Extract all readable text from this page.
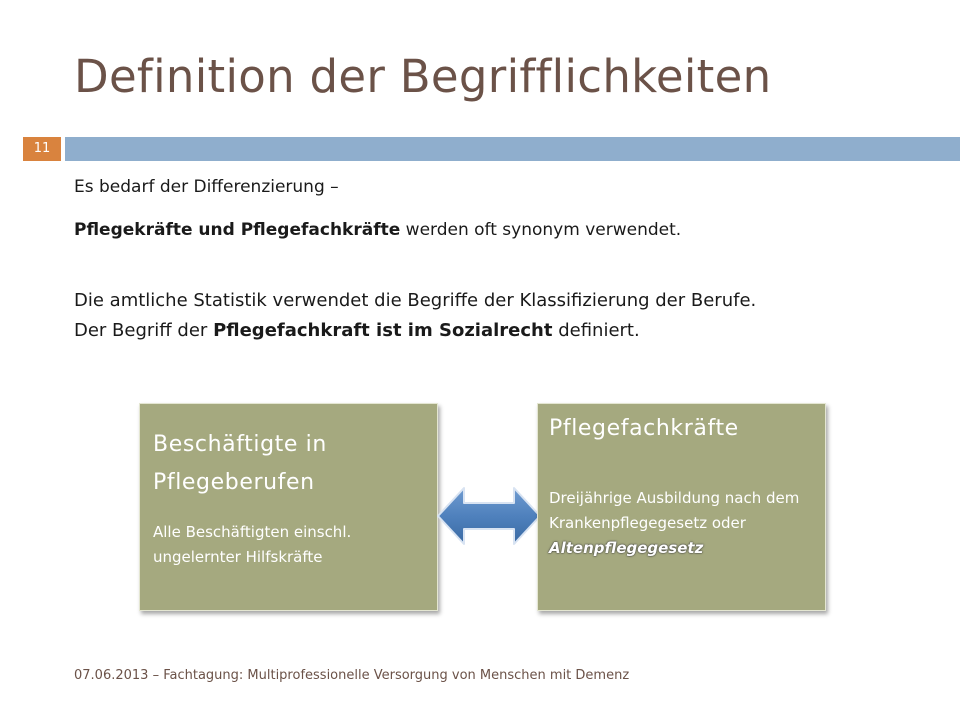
Definition der Begrifflichkeiten
11

Es bedarf der Differenzierung –

Pflegekräfte und Pflegefachkräfte werden oft synonym verwendet.

Die amtliche Statistik verwendet die Begriffe der Klassifizierung der Berufe.
Der Begriff der Pflegefachkraft ist im Sozialrecht definiert.

Beschäftigte in Pflegeberufen

Alle Beschäftigten einschl. ungelernter Hilfskräfte

Pflegefachkräfte

Dreijährige Ausbildung nach dem Krankenpflegegesetz oder
Altenpflegegesetz

07.06.2013 – Fachtagung: Multiprofessionelle Versorgung von Menschen mit Demenz
